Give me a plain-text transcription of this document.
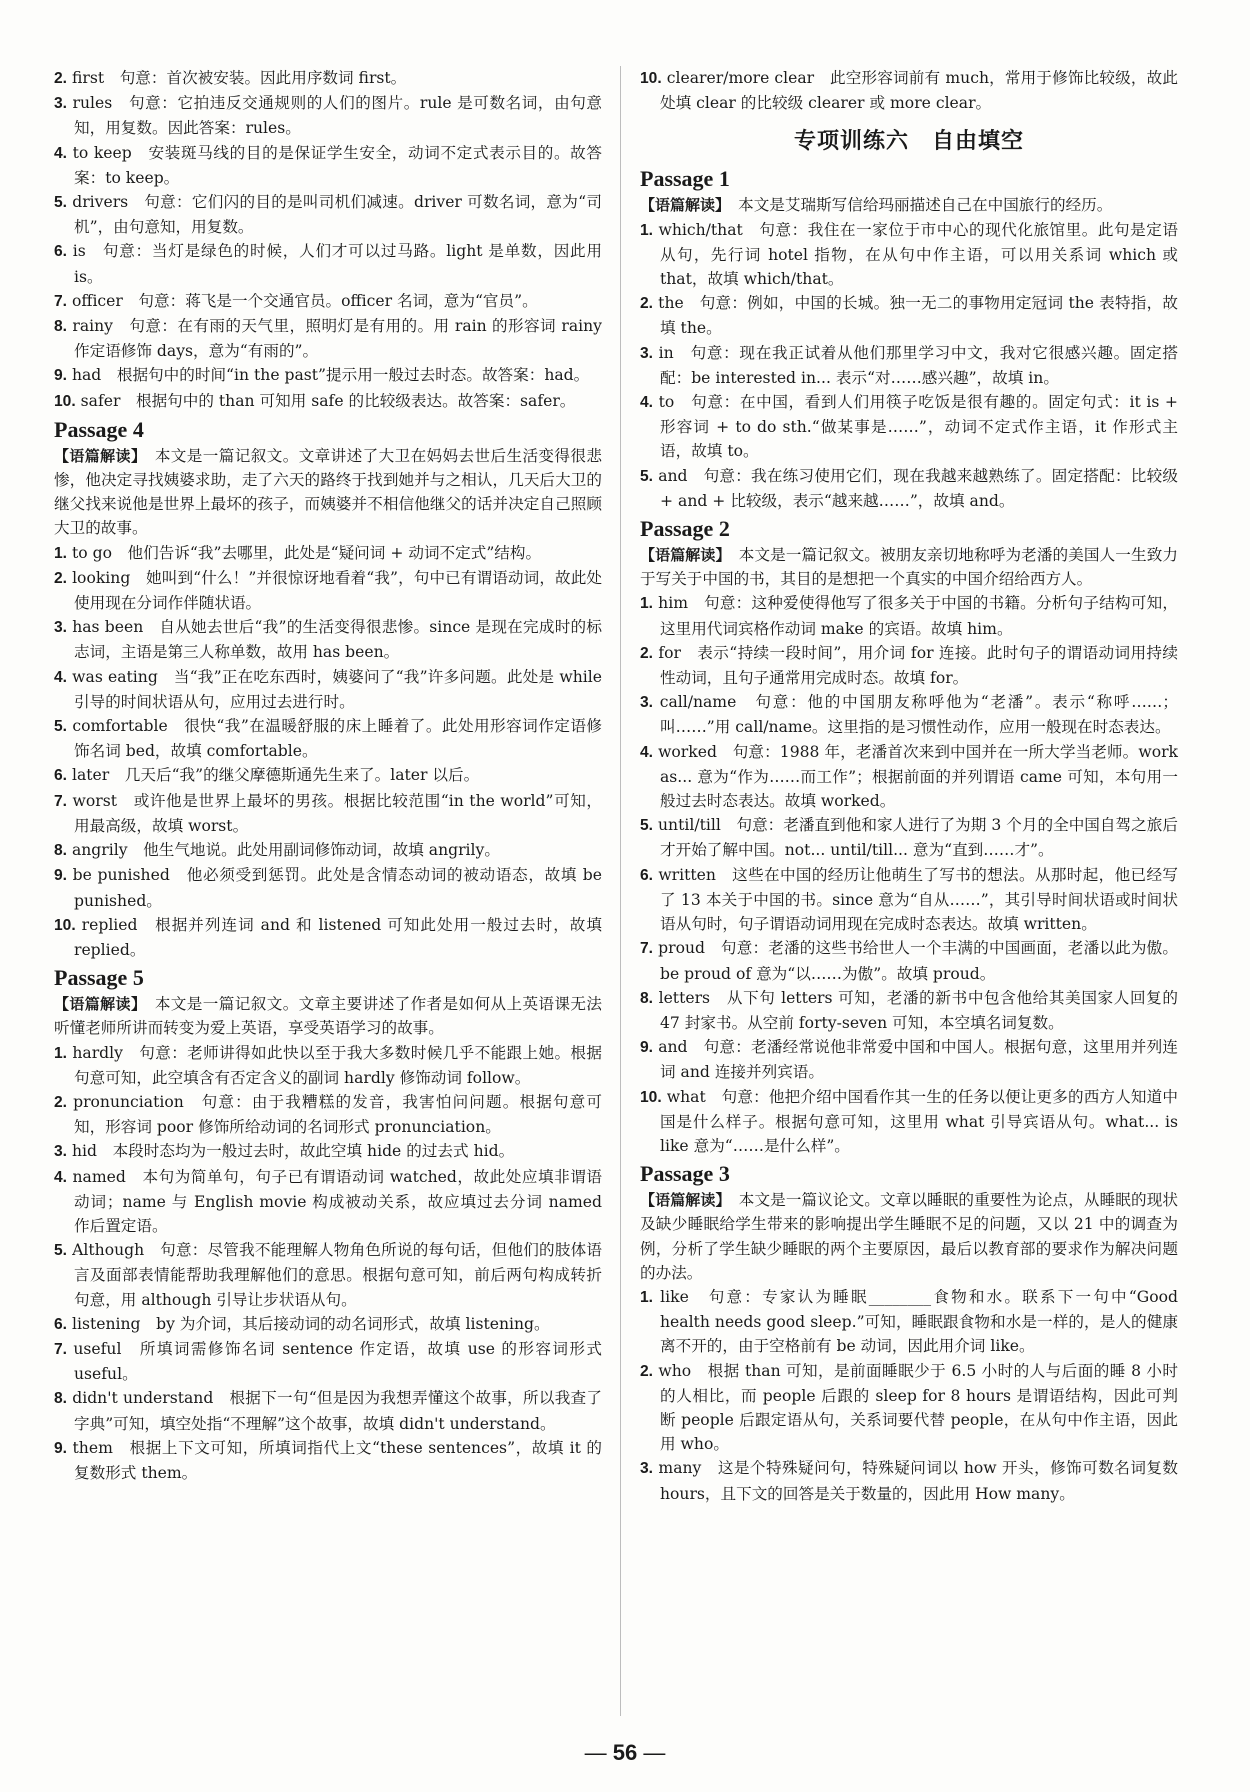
2. first　句意：首次被安装。因此用序数词 first。
3. rules　句意：它拍违反交通规则的人们的图片。rule 是可数名词，由句意知，用复数。因此答案：rules。
4. to keep　安装斑马线的目的是保证学生安全，动词不定式表示目的。故答案：to keep。
5. drivers　句意：它们闪的目的是叫司机们减速。driver 可数名词，意为“司机”，由句意知，用复数。
6. is　句意：当灯是绿色的时候，人们才可以过马路。light 是单数，因此用 is。
7. officer　句意：蒋飞是一个交通官员。officer 名词，意为“官员”。
8. rainy　句意：在有雨的天气里，照明灯是有用的。用 rain 的形容词 rainy 作定语修饰 days，意为“有雨的”。
9. had　根据句中的时间“in the past”提示用一般过去时态。故答案：had。
10. safer　根据句中的 than 可知用 safe 的比较级表达。故答案：safer。
Passage 4
【语篇解读】　本文是一篇记叙文。文章讲述了大卫在妈妈去世后生活变得很悲惨，他决定寻找姨婆求助，走了六天的路终于找到她并与之相认，几天后大卫的继父找来说他是世界上最坏的孩子，而姨婆并不相信他继父的话并决定自己照顾大卫的故事。
1. to go　他们告诉“我”去哪里，此处是“疑问词 + 动词不定式”结构。
2. looking　她叫到“什么！”并很惊讶地看着“我”，句中已有谓语动词，故此处使用现在分词作伴随状语。
3. has been　自从她去世后“我”的生活变得很悲惨。since 是现在完成时的标志词，主语是第三人称单数，故用 has been。
4. was eating　当“我”正在吃东西时，姨婆问了“我”许多问题。此处是 while 引导的时间状语从句，应用过去进行时。
5. comfortable　很快“我”在温暖舒服的床上睡着了。此处用形容词作定语修饰名词 bed，故填 comfortable。
6. later　几天后“我”的继父摩德斯通先生来了。later 以后。
7. worst　或许他是世界上最坏的男孩。根据比较范围“in the world”可知，用最高级，故填 worst。
8. angrily　他生气地说。此处用副词修饰动词，故填 angrily。
9. be punished　他必须受到惩罚。此处是含情态动词的被动语态，故填 be punished。
10. replied　根据并列连词 and 和 listened 可知此处用一般过去时，故填 replied。
Passage 5
【语篇解读】　本文是一篇记叙文。文章主要讲述了作者是如何从上英语课无法听懂老师所讲而转变为爱上英语，享受英语学习的故事。
1. hardly　句意：老师讲得如此快以至于我大多数时候几乎不能跟上她。根据句意可知，此空填含有否定含义的副词 hardly 修饰动词 follow。
2. pronunciation　句意：由于我糟糕的发音，我害怕问问题。根据句意可知，形容词 poor 修饰所给动词的名词形式 pronunciation。
3. hid　本段时态均为一般过去时，故此空填 hide 的过去式 hid。
4. named　本句为简单句，句子已有谓语动词 watched，故此处应填非谓语动词；name 与 English movie 构成被动关系，故应填过去分词 named 作后置定语。
5. Although　句意：尽管我不能理解人物角色所说的每句话，但他们的肢体语言及面部表情能帮助我理解他们的意思。根据句意可知，前后两句构成转折句意，用 although 引导让步状语从句。
6. listening　by 为介词，其后接动词的动名词形式，故填 listening。
7. useful　所填词需修饰名词 sentence 作定语，故填 use 的形容词形式 useful。
8. didn't understand　根据下一句“但是因为我想弄懂这个故事，所以我查了字典”可知，填空处指“不理解”这个故事，故填 didn't understand。
9. them　根据上下文可知，所填词指代上文“these sentences”，故填 it 的复数形式 them。
10. clearer/more clear　此空形容词前有 much，常用于修饰比较级，故此处填 clear 的比较级 clearer 或 more clear。
专项训练六　自由填空
Passage 1
【语篇解读】　本文是艾瑞斯写信给玛丽描述自己在中国旅行的经历。
1. which/that　句意：我住在一家位于市中心的现代化旅馆里。此句是定语从句，先行词 hotel 指物，在从句中作主语，可以用关系词 which 或 that，故填 which/that。
2. the　句意：例如，中国的长城。独一无二的事物用定冠词 the 表特指，故填 the。
3. in　句意：现在我正试着从他们那里学习中文，我对它很感兴趣。固定搭配：be interested in... 表示“对……感兴趣”，故填 in。
4. to　句意：在中国，看到人们用筷子吃饭是很有趣的。固定句式：it is + 形容词 + to do sth.“做某事是……”，动词不定式作主语，it 作形式主语，故填 to。
5. and　句意：我在练习使用它们，现在我越来越熟练了。固定搭配：比较级 + and + 比较级，表示“越来越……”，故填 and。
Passage 2
【语篇解读】　本文是一篇记叙文。被朋友亲切地称呼为老潘的美国人一生致力于写关于中国的书，其目的是想把一个真实的中国介绍给西方人。
1. him　句意：这种爱使得他写了很多关于中国的书籍。分析句子结构可知，这里用代词宾格作动词 make 的宾语。故填 him。
2. for　表示“持续一段时间”，用介词 for 连接。此时句子的谓语动词用持续性动词，且句子通常用完成时态。故填 for。
3. call/name　句意：他的中国朋友称呼他为“老潘”。表示“称呼……；叫……”用 call/name。这里指的是习惯性动作，应用一般现在时态表达。
4. worked　句意：1988 年，老潘首次来到中国并在一所大学当老师。work as... 意为“作为……而工作”；根据前面的并列谓语 came 可知，本句用一般过去时态表达。故填 worked。
5. until/till　句意：老潘直到他和家人进行了为期 3 个月的全中国自驾之旅后才开始了解中国。not... until/till... 意为“直到……才”。
6. written　这些在中国的经历让他萌生了写书的想法。从那时起，他已经写了 13 本关于中国的书。since 意为“自从……”，其引导时间状语或时间状语从句时，句子谓语动词用现在完成时态表达。故填 written。
7. proud　句意：老潘的这些书给世人一个丰满的中国画面，老潘以此为傲。be proud of 意为“以……为傲”。故填 proud。
8. letters　从下句 letters 可知，老潘的新书中包含他给其美国家人回复的 47 封家书。从空前 forty-seven 可知，本空填名词复数。
9. and　句意：老潘经常说他非常爱中国和中国人。根据句意，这里用并列连词 and 连接并列宾语。
10. what　句意：他把介绍中国看作其一生的任务以便让更多的西方人知道中国是什么样子。根据句意可知，这里用 what 引导宾语从句。what... is like 意为“……是什么样”。
Passage 3
【语篇解读】　本文是一篇议论文。文章以睡眠的重要性为论点，从睡眠的现状及缺少睡眠给学生带来的影响提出学生睡眠不足的问题，又以 21 中的调查为例，分析了学生缺少睡眠的两个主要原因，最后以教育部的要求作为解决问题的办法。
1. like　句意：专家认为睡眠________食物和水。联系下一句中“Good health needs good sleep.”可知，睡眠跟食物和水是一样的，是人的健康离不开的，由于空格前有 be 动词，因此用介词 like。
2. who　根据 than 可知，是前面睡眠少于 6.5 小时的人与后面的睡 8 小时的人相比，而 people 后跟的 sleep for 8 hours 是谓语结构，因此可判断 people 后跟定语从句，关系词要代替 people，在从句中作主语，因此用 who。
3. many　这是个特殊疑问句，特殊疑问词以 how 开头，修饰可数名词复数 hours，且下文的回答是关于数量的，因此用 How many。
— 56 —
